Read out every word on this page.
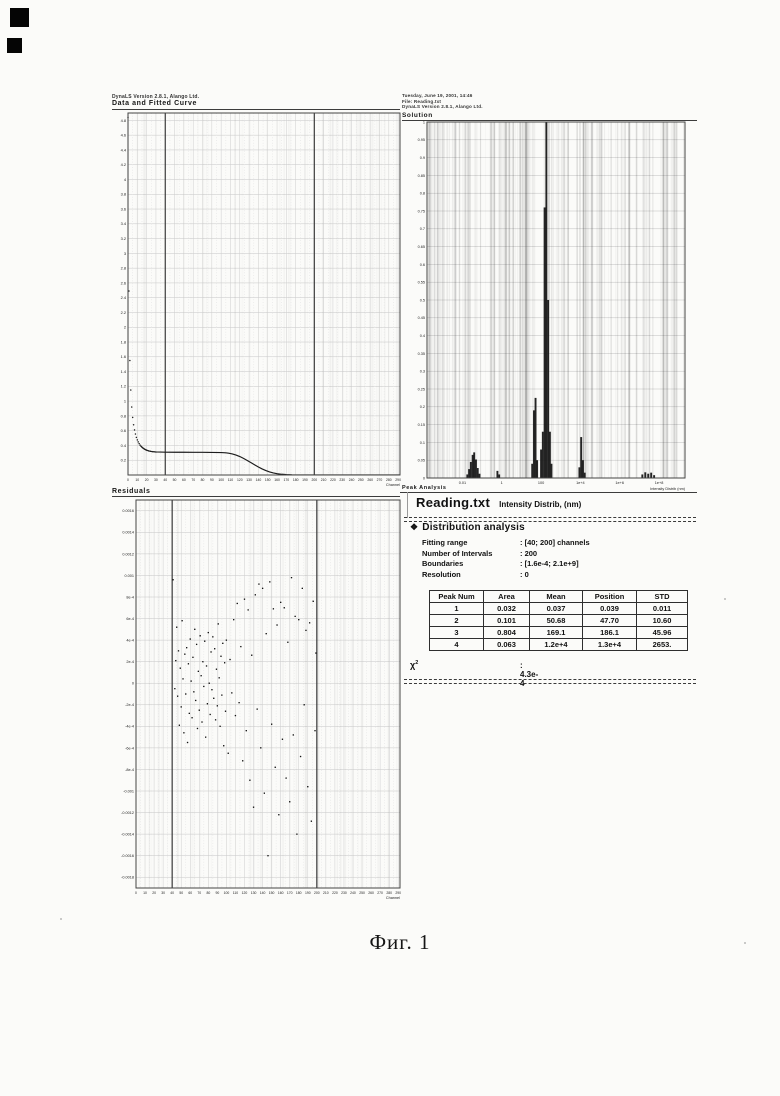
DynaLS Version 2.8.1, Alango Ltd.	Tuesday, June 19, 2001, 14:46
File: Reading.txt
DynaLS Version 2.8.1, Alango Ltd.
Data and Fitted Curve
4.8
4.6
4.4
4.2
4
3.8
3.6
3.4
3.2
3
2.8
2.6
2.4
2.2
2
1.8
1.6
1.4
1.2
1
0.8
0.6
0.4
0.2
0 10 20 30 40 50 60 70 80 90 100 110 120 130 140 150 160 170 180 190 200 210 220 230 240 250 260 270 280 290
Channel
Residuals
0.0016
0.0014
0.0012
0.001
8e-4
6e-4
4e-4
2e-4
0
-2e-4
-4e-4
-6e-4
-8e-4
-0.001
-0.0012
-0.0014
-0.0016
-0.0018
0 10 20 30 40 50 60 70 80 90 100 110 120 130 140 150 160 170 180 190 200 210 220 230 240 250 260 270 280 290
Channel
Solution
1
0.95
0.9
0.85
0.8
0.75
0.7
0.65
0.6
0.55
0.5
0.45
0.4
0.35
0.3
0.25
0.2
0.15
0.1
0.05
0
0.01	1	100	1e+4	1e+6	1e+8
Intensity Distrib (nm)
Peak Analysis
Reading.txt Intensity Distrib, (nm)
❖ Distribution analysis
Fitting range	: [40; 200] channels
Number of Intervals	: 200
Boundaries	: [1.6e-4; 2.1e+9]
Resolution	: 0
Peak Num	Area	Mean	Position	STD
1	0.032	0.037	0.039	0.011
2	0.101	50.68	47.70	10.60
3	0.804	169.1	186.1	45.96
4	0.063	1.2e+4	1.3e+4	2653.
$\chi^2$	: 4.3e-4
Фиг. 1
